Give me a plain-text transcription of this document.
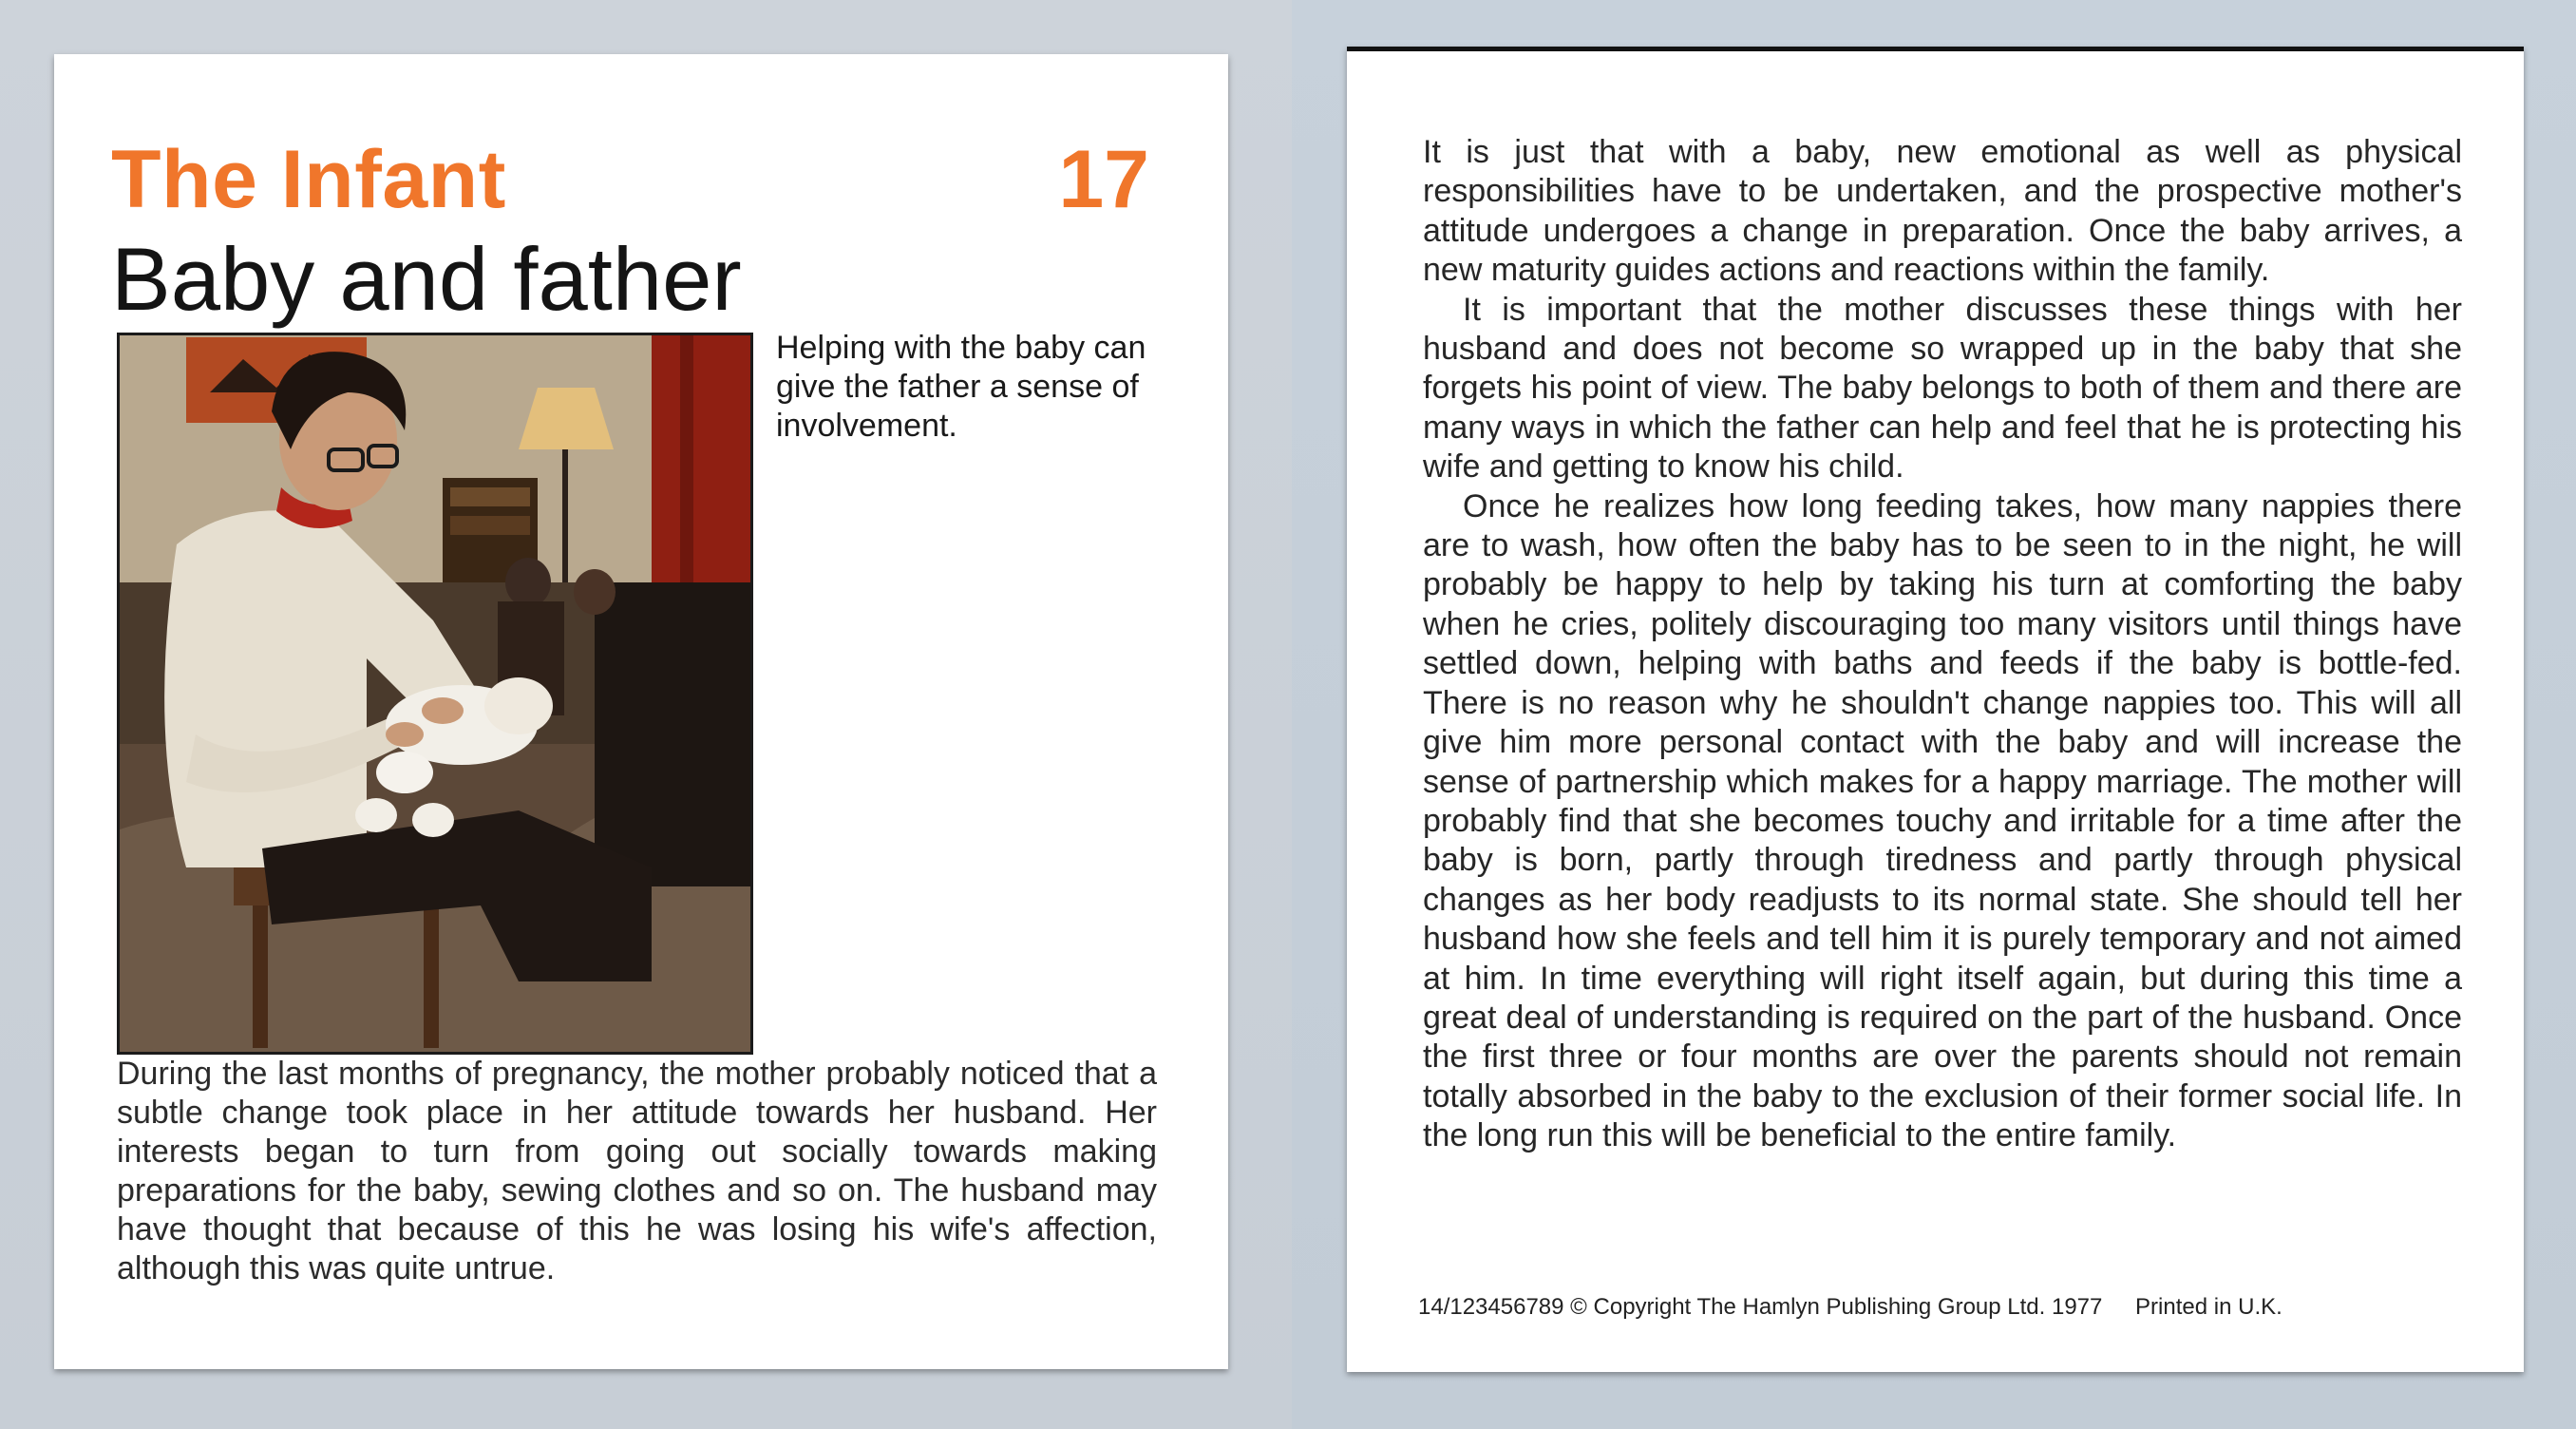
The Infant	17
Baby and father
Helping with the baby can give the father a sense of involvement.
During the last months of pregnancy, the mother probably noticed that a subtle change took place in her attitude towards her husband. Her interests began to turn from going out socially towards making preparations for the baby, sewing clothes and so on. The husband may have thought that because of this he was losing his wife's affection, although this was quite untrue.

It is just that with a baby, new emotional as well as physical responsibilities have to be undertaken, and the prospective mother's attitude undergoes a change in preparation. Once the baby arrives, a new maturity guides actions and reactions within the family.

It is important that the mother discusses these things with her husband and does not become so wrapped up in the baby that she forgets his point of view. The baby belongs to both of them and there are many ways in which the father can help and feel that he is protecting his wife and getting to know his child.

Once he realizes how long feeding takes, how many nappies there are to wash, how often the baby has to be seen to in the night, he will probably be happy to help by taking his turn at comforting the baby when he cries, politely discouraging too many visitors until things have settled down, helping with baths and feeds if the baby is bottle-fed. There is no reason why he shouldn't change nappies too. This will all give him more personal contact with the baby and will increase the sense of partnership which makes for a happy marriage. The mother will probably find that she becomes touchy and irritable for a time after the baby is born, partly through tiredness and partly through physical changes as her body readjusts to its normal state. She should tell her husband how she feels and tell him it is purely temporary and not aimed at him. In time everything will right itself again, but during this time a great deal of understanding is required on the part of the husband. Once the first three or four months are over the parents should not remain totally absorbed in the baby to the exclusion of their former social life. In the long run this will be beneficial to the entire family.

14/123456789 © Copyright The Hamlyn Publishing Group Ltd. 1977 Printed in U.K.
